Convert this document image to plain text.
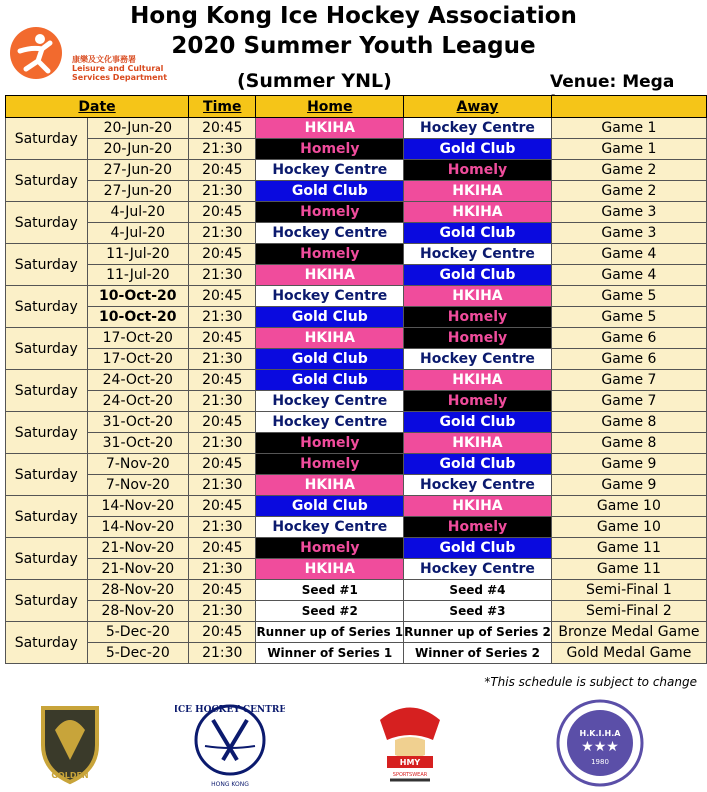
Hong Kong Ice Hockey Association
2020 Summer Youth League
康樂及文化事務署
Leisure and Cultural
Services Department	(Summer YNL)	Venue: Mega
Date		Time	Home	Away	
Saturday	20-Jun-20	20:45	HKIHA	Hockey Centre	Game 1
	20-Jun-20	21:30	Homely	Gold Club	Game 1
Saturday	27-Jun-20	20:45	Hockey Centre	Homely	Game 2
	27-Jun-20	21:30	Gold Club	HKIHA	Game 2
Saturday	4-Jul-20	20:45	Homely	HKIHA	Game 3
	4-Jul-20	21:30	Hockey Centre	Gold Club	Game 3
Saturday	11-Jul-20	20:45	Homely	Hockey Centre	Game 4
	11-Jul-20	21:30	HKIHA	Gold Club	Game 4
Saturday	10-Oct-20	20:45	Hockey Centre	HKIHA	Game 5
	10-Oct-20	21:30	Gold Club	Homely	Game 5
Saturday	17-Oct-20	20:45	HKIHA	Homely	Game 6
	17-Oct-20	21:30	Gold Club	Hockey Centre	Game 6
Saturday	24-Oct-20	20:45	Gold Club	HKIHA	Game 7
	24-Oct-20	21:30	Hockey Centre	Homely	Game 7
Saturday	31-Oct-20	20:45	Hockey Centre	Gold Club	Game 8
	31-Oct-20	21:30	Homely	HKIHA	Game 8
Saturday	7-Nov-20	20:45	Homely	Gold Club	Game 9
	7-Nov-20	21:30	HKIHA	Hockey Centre	Game 9
Saturday	14-Nov-20	20:45	Gold Club	HKIHA	Game 10
	14-Nov-20	21:30	Hockey Centre	Homely	Game 10
Saturday	21-Nov-20	20:45	Homely	Gold Club	Game 11
	21-Nov-20	21:30	HKIHA	Hockey Centre	Game 11
Saturday	28-Nov-20	20:45	Seed #1	Seed #4	Semi-Final 1
	28-Nov-20	21:30	Seed #2	Seed #3	Semi-Final 2
Saturday	5-Dec-20	20:45	Runner up of Series 1	Runner up of Series 2	Bronze Medal Game
	5-Dec-20	21:30	Winner of Series 1	Winner of Series 2	Gold Medal Game
*This schedule is subject to change
GOLDEN
ICE HOCKEY CENTRE
HONG KONG
HMY
SPORTSWEAR
H.K.I.H.A
★★★
1980
